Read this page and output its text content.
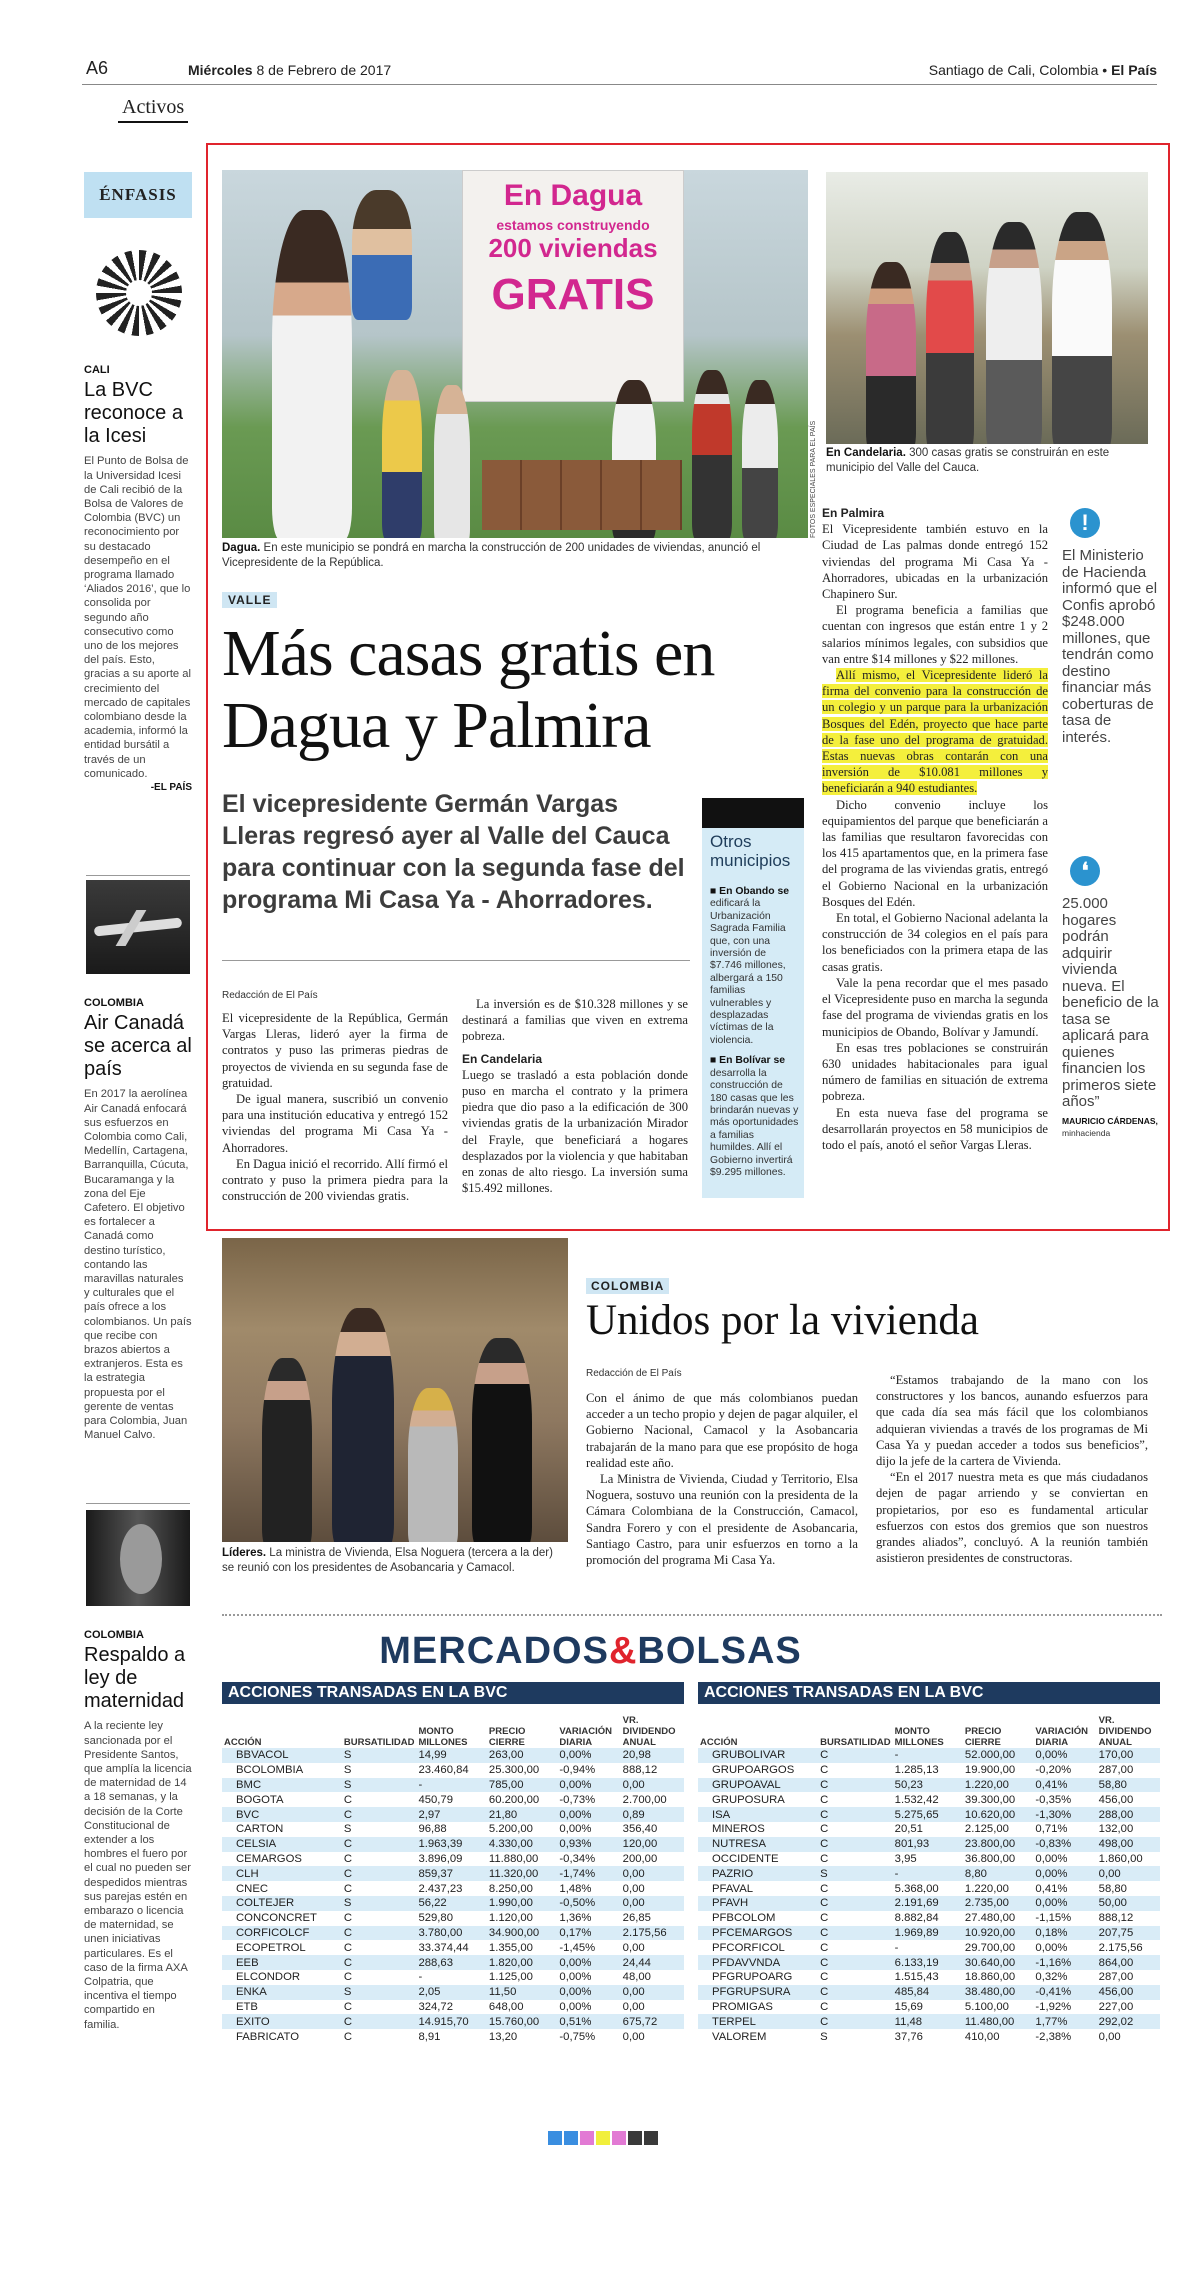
A6	Miércoles 8 de Febrero de 2017	Santiago de Cali, Colombia • El País
Activos
ÉNFASIS
CALI
La BVC reconoce a la Icesi
El Punto de Bolsa de la Universidad Icesi de Cali recibió de la Bolsa de Valores de Colombia (BVC) un reconocimiento por su destacado desempeño en el programa llamado ‘Aliados 2016’, que lo consolida por segundo año consecutivo como uno de los mejores del país. Esto, gracias a su aporte al crecimiento del mercado de capitales colombiano desde la academia, informó la entidad bursátil a través de un comunicado.
-EL PAÍS
COLOMBIA
Air Canadá se acerca al país
En 2017 la aerolínea Air Canadá enfocará sus esfuerzos en Colombia como Cali, Medellín, Cartagena, Barranquilla, Cúcuta, Bucaramanga y la zona del Eje Cafetero. El objetivo es fortalecer a Canadá como destino turístico, contando las maravillas naturales y culturales que el país ofrece a los colombianos. Un país que recibe con brazos abiertos a extranjeros. Esta es la estrategia propuesta por el gerente de ventas para Colombia, Juan Manuel Calvo.
COLOMBIA
Respaldo a ley de maternidad
A la reciente ley sancionada por el Presidente Santos, que amplía la licencia de maternidad de 14 a 18 semanas, y la decisión de la Corte Constitucional de extender a los hombres el fuero por el cual no pueden ser despedidos mientras sus parejas estén en embarazo o licencia de maternidad, se unen iniciativas particulares. Es el caso de la firma AXA Colpatria, que incentiva el tiempo compartido en familia.
En Dagua
estamos construyendo
200 viviendas
GRATIS
FOTOS ESPECIALES PARA EL PAÍS
Dagua. En este municipio se pondrá en marcha la construcción de 200 unidades de viviendas, anunció el Vicepresidente de la República.
En Candelaria. 300 casas gratis se construirán en este municipio del Valle del Cauca.
VALLE
Más casas gratis en Dagua y Palmira
El vicepresidente Germán Vargas Lleras regresó ayer al Valle del Cauca para continuar con la segunda fase del programa Mi Casa Ya - Ahorradores.
Redacción de El País

El vicepresidente de la República, Germán Vargas Lleras, lideró ayer la firma de contratos y puso las primeras piedras de proyectos de vivienda en su segunda fase de gratuidad.

De igual manera, suscribió un convenio para una institución educativa y entregó 152 viviendas del programa Mi Casa Ya - Ahorradores.

En Dagua inició el recorrido. Allí firmó el contrato y puso la primera piedra para la construcción de 200 viviendas gratis.

La inversión es de $10.328 millones y se destinará a familias que viven en extrema pobreza.

En Candelaria

Luego se trasladó a esta población donde puso en marcha el contrato y la primera piedra que dio paso a la edificación de 300 viviendas gratis de la urbanización Mirador del Frayle, que beneficiará a hogares desplazados por la violencia y que habitaban en zonas de alto riesgo. La inversión suma $15.492 millones.

Otros municipios
■ En Obando se edificará la Urbanización Sagrada Familia que, con una inversión de $7.746 millones, albergará a 150 familias vulnerables y desplazadas víctimas de la violencia.
■ En Bolívar se desarrolla la construcción de 180 casas que les brindarán nuevas y más oportunidades a familias humildes. Allí el Gobierno invertirá $9.295 millones.

En Palmira

El Vicepresidente también estuvo en la Ciudad de Las palmas donde entregó 152 viviendas del programa Mi Casa Ya -Ahorradores, ubicadas en la urbanización Chapinero Sur.

El programa beneficia a familias que cuentan con ingresos que están entre 1 y 2 salarios mínimos legales, con subsidios que van entre $14 millones y $22 millones.

Allí mismo, el Vicepresidente lideró la firma del convenio para la construcción de un colegio y un parque para la urbanización Bosques del Edén, proyecto que hace parte de la fase uno del programa de gratuidad. Estas nuevas obras contarán con una inversión de $10.081 millones y beneficiarán a 940 estudiantes.

Dicho convenio incluye los equipamientos del parque que beneficiarán a las familias que resultaron favorecidas con los 415 apartamentos que, en la primera fase del programa de las viviendas gratis, entregó el Gobierno Nacional en la urbanización Bosques del Edén.

En total, el Gobierno Nacional adelanta la construcción de 34 colegios en el país para los beneficiados con la primera etapa de las casas gratis.

Vale la pena recordar que el mes pasado el Vicepresidente puso en marcha la segunda fase del programa de viviendas gratis en los municipios de Obando, Bolívar y Jamundí.

En esas tres poblaciones se construirán 630 unidades habitacionales para igual número de familias en situación de extrema pobreza.

En esta nueva fase del programa se desarrollarán proyectos en 58 municipios de todo el país, anotó el señor Vargas Lleras.

!
El Ministerio de Hacienda informó que el Confis aprobó $248.000 millones, que tendrán como destino financiar más coberturas de tasa de interés.
❛
25.000 hogares podrán adquirir vivienda nueva. El beneficio de la tasa se aplicará para quienes financien los primeros siete años”
MAURICIO CÁRDENAS,
minhacienda
Líderes. La ministra de Vivienda, Elsa Noguera (tercera a la der) se reunió con los presidentes de Asobancaria y Camacol.
COLOMBIA
Unidos por la vivienda
Redacción de El País

Con el ánimo de que más colombianos puedan acceder a un techo propio y dejen de pagar alquiler, el Gobierno Nacional, Camacol y la Asobancaria trabajarán de la mano para que ese propósito de hoga realidad este año.

La Ministra de Vivienda, Ciudad y Territorio, Elsa Noguera, sostuvo una reunión con la presidenta de la Cámara Colombiana de la Construcción, Camacol, Sandra Forero y con el presidente de Asobancaria, Santiago Castro, para unir esfuerzos en torno a la promoción del programa Mi Casa Ya.

“Estamos trabajando de la mano con los constructores y los bancos, aunando esfuerzos para que cada día sea más fácil que los colombianos adquieran viviendas a través de los programas de Mi Casa Ya y puedan acceder a todos sus beneficios”, dijo la jefe de la cartera de Vivienda.

“En el 2017 nuestra meta es que más ciudadanos dejen de pagar arriendo y se conviertan en propietarios, por eso es fundamental articular esfuerzos con estos dos gremios que son nuestros grandes aliados”, concluyó. A la reunión también asistieron presidentes de constructoras.

MERCADOS&BOLSAS
ACCIONES TRANSADAS EN LA BVC	ACCIONES TRANSADAS EN LA BVC
ACCIÓN	BURSATILIDAD	MONTO MILLONES	PRECIO CIERRE	VARIACIÓN DIARIA	VR. DIVIDENDO ANUAL
BBVACOL	S	14,99	263,00	0,00%	20,98
BCOLOMBIA	S	23.460,84	25.300,00	-0,94%	888,12
BMC	S	-	785,00	0,00%	0,00
BOGOTA	C	450,79	60.200,00	-0,73%	2.700,00
BVC	C	2,97	21,80	0,00%	0,89
CARTON	S	96,88	5.200,00	0,00%	356,40
CELSIA	C	1.963,39	4.330,00	0,93%	120,00
CEMARGOS	C	3.896,09	11.880,00	-0,34%	200,00
CLH	C	859,37	11.320,00	-1,74%	0,00
CNEC	C	2.437,23	8.250,00	1,48%	0,00
COLTEJER	S	56,22	1.990,00	-0,50%	0,00
CONCONCRET	C	529,80	1.120,00	1,36%	26,85
CORFICOLCF	C	3.780,00	34.900,00	0,17%	2.175,56
ECOPETROL	C	33.374,44	1.355,00	-1,45%	0,00
EEB	C	288,63	1.820,00	0,00%	24,44
ELCONDOR	C	-	1.125,00	0,00%	48,00
ENKA	S	2,05	11,50	0,00%	0,00
ETB	C	324,72	648,00	0,00%	0,00
EXITO	C	14.915,70	15.760,00	0,51%	675,72
FABRICATO	C	8,91	13,20	-0,75%	0,00
ACCIÓN	BURSATILIDAD	MONTO MILLONES	PRECIO CIERRE	VARIACIÓN DIARIA	VR. DIVIDENDO ANUAL
GRUBOLIVAR	C	-	52.000,00	0,00%	170,00
GRUPOARGOS	C	1.285,13	19.900,00	-0,20%	287,00
GRUPOAVAL	C	50,23	1.220,00	0,41%	58,80
GRUPOSURA	C	1.532,42	39.300,00	-0,35%	456,00
ISA	C	5.275,65	10.620,00	-1,30%	288,00
MINEROS	C	20,51	2.125,00	0,71%	132,00
NUTRESA	C	801,93	23.800,00	-0,83%	498,00
OCCIDENTE	C	3,95	36.800,00	0,00%	1.860,00
PAZRIO	S	-	8,80	0,00%	0,00
PFAVAL	C	5.368,00	1.220,00	0,41%	58,80
PFAVH	C	2.191,69	2.735,00	0,00%	50,00
PFBCOLOM	C	8.882,84	27.480,00	-1,15%	888,12
PFCEMARGOS	C	1.969,89	10.920,00	0,18%	207,75
PFCORFICOL	C	-	29.700,00	0,00%	2.175,56
PFDAVVNDA	C	6.133,19	30.640,00	-1,16%	864,00
PFGRUPOARG	C	1.515,43	18.860,00	0,32%	287,00
PFGRUPSURA	C	485,84	38.480,00	-0,41%	456,00
PROMIGAS	C	15,69	5.100,00	-1,92%	227,00
TERPEL	C	11,48	11.480,00	1,77%	292,02
VALOREM	S	37,76	410,00	-2,38%	0,00
